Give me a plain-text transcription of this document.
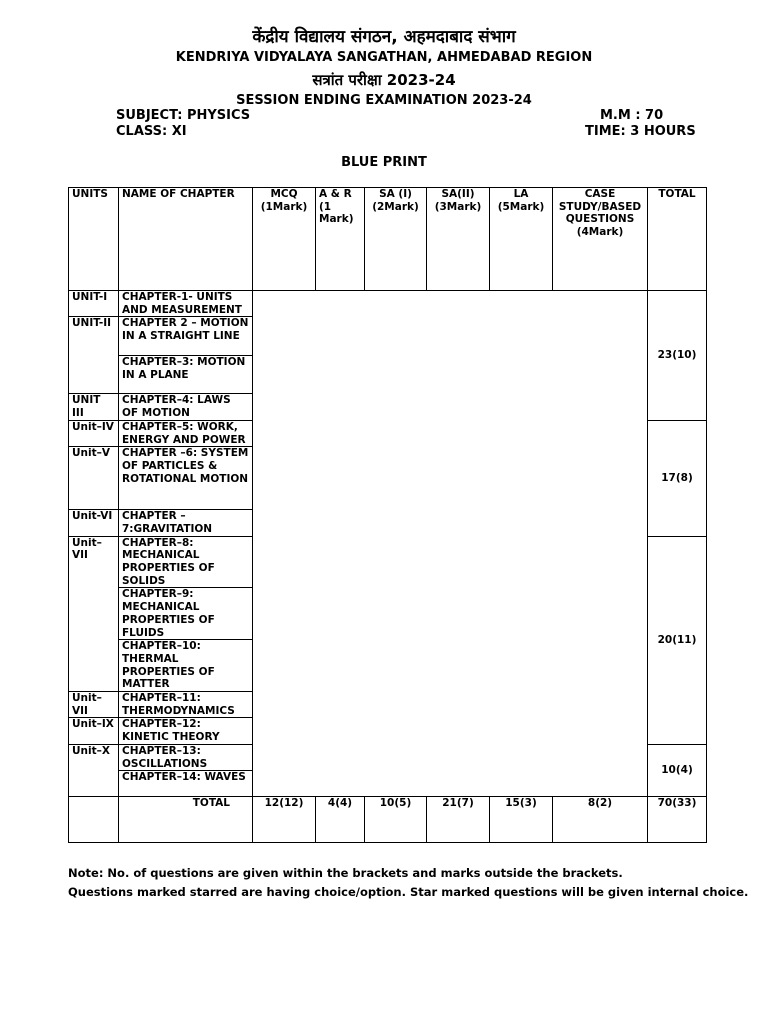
केंद्रीय विद्यालय संगठन, अहमदाबाद संभाग
KENDRIYA VIDYALAYA SANGATHAN, AHMEDABAD REGION
सत्रांत परीक्षा 2023-24
SESSION ENDING EXAMINATION 2023-24
SUBJECT: PHYSICS
CLASS: XI
M.M : 70
TIME: 3 HOURS
BLUE PRINT
UNITS	NAME OF CHAPTER	MCQ (1Mark)	A & R (1 Mark)	SA (I) (2Mark)	SA(II) (3Mark)	LA (5Mark)	CASE STUDY/BASED QUESTIONS (4Mark)	TOTAL
UNIT-I	CHAPTER-1- UNITS AND MEASUREMENT							23(10)
UNIT-II	CHAPTER 2 – MOTION IN A STRAIGHT LINE							
	CHAPTER–3: MOTION IN A PLANE							
UNIT III	CHAPTER–4: LAWS OF MOTION							
Unit–IV	CHAPTER–5: WORK, ENERGY AND POWER							17(8)
Unit–V	CHAPTER –6: SYSTEM OF PARTICLES & ROTATIONAL MOTION							
Unit-VI	CHAPTER – 7:GRAVITATION							
Unit–VII	CHAPTER–8: MECHANICAL PROPERTIES OF SOLIDS							20(11)
	CHAPTER–9: MECHANICAL PROPERTIES OF FLUIDS							
	CHAPTER–10: THERMAL PROPERTIES OF MATTER							
Unit–VII	CHAPTER–11: THERMODYNAMICS							
Unit–IX	CHAPTER–12: KINETIC THEORY							
Unit–X	CHAPTER–13: OSCILLATIONS							10(4)
	CHAPTER–14: WAVES							
	TOTAL	12(12)	4(4)	10(5)	21(7)	15(3)	8(2)	70(33)
Note: No. of questions are given within the brackets and marks outside the brackets.
Questions marked starred are having choice/option. Star marked questions will be given internal choice.
